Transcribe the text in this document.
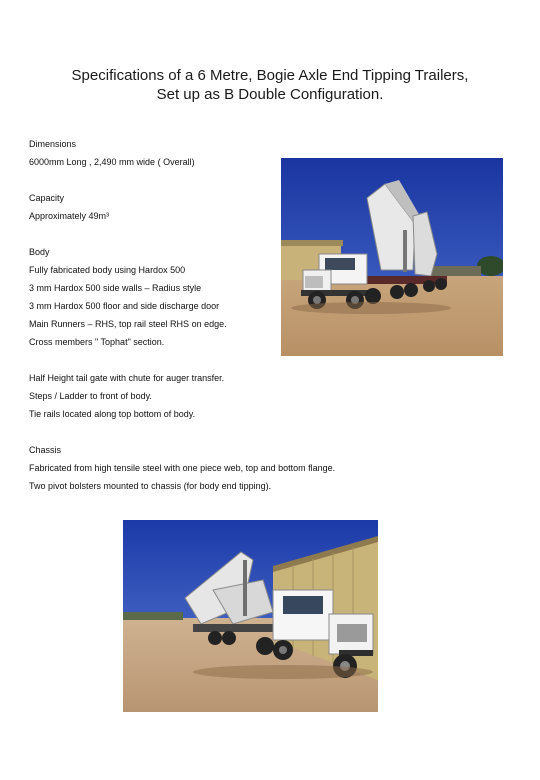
Specifications of a 6 Metre, Bogie Axle End Tipping Trailers,
Set up as B Double Configuration.
Dimensions
6000mm Long , 2,490 mm wide ( Overall)
Capacity
Approximately 49m³
Body
Fully fabricated body using Hardox 500
3 mm Hardox 500 side walls – Radius style
3 mm Hardox 500 floor and side discharge door
Main Runners – RHS, top rail steel RHS on edge.
Cross members " Tophat" section.
Half Height tail gate with chute for auger transfer.
Steps / Ladder to front of body.
Tie rails located along top bottom of body.
Chassis
Fabricated from high tensile steel with one piece web, top and bottom flange.
Two pivot bolsters mounted to chassis (for body end tipping).
